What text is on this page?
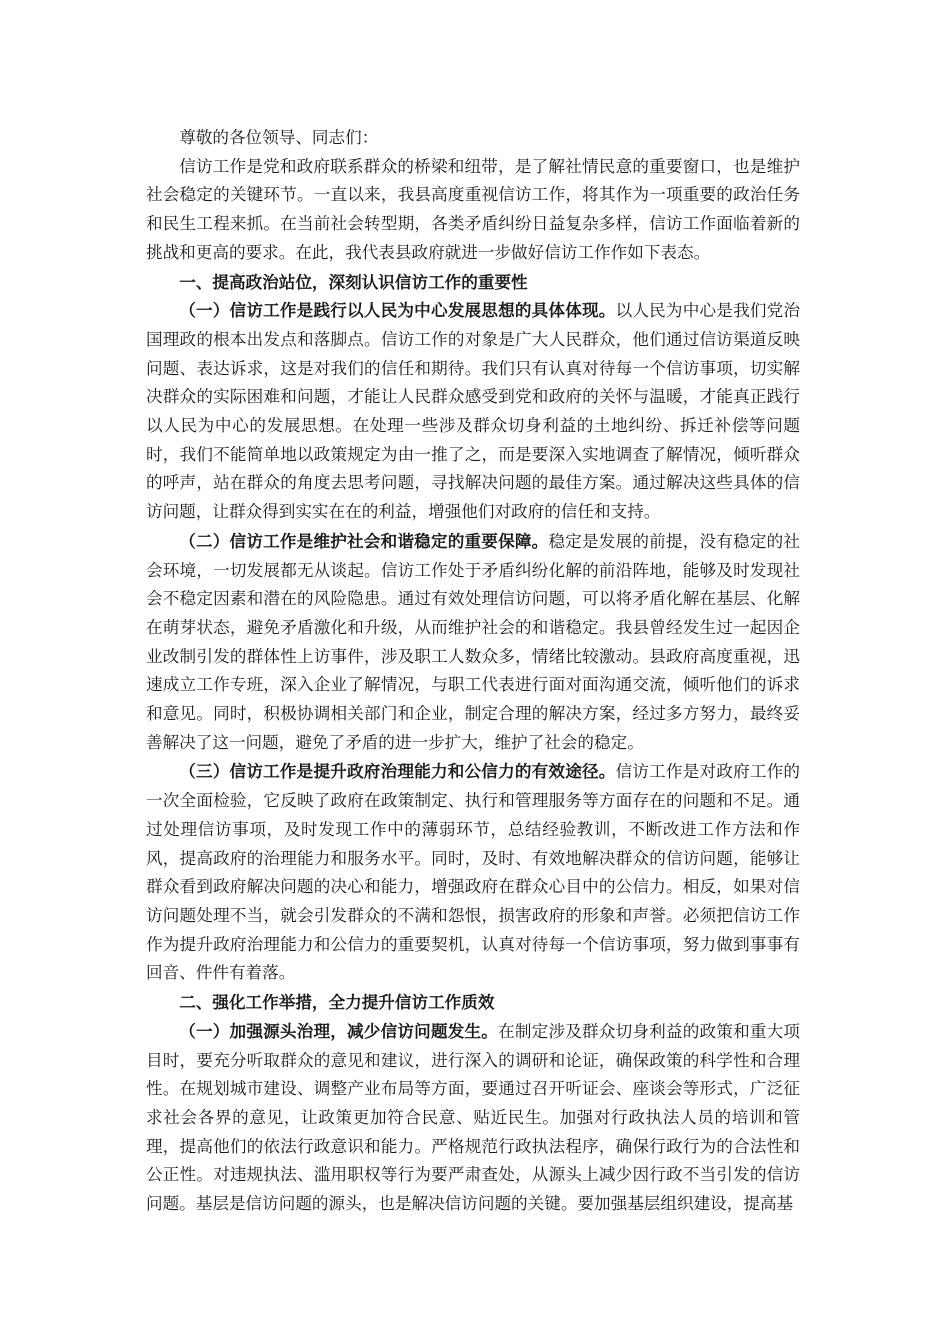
尊敬的各位领导、同志们：

信访工作是党和政府联系群众的桥梁和纽带，是了解社情民意的重要窗口，也是维护社会稳定的关键环节。一直以来，我县高度重视信访工作，将其作为一项重要的政治任务和民生工程来抓。在当前社会转型期，各类矛盾纠纷日益复杂多样，信访工作面临着新的挑战和更高的要求。在此，我代表县政府就进一步做好信访工作作如下表态。

一、提高政治站位，深刻认识信访工作的重要性

（一）信访工作是践行以人民为中心发展思想的具体体现。以人民为中心是我们党治国理政的根本出发点和落脚点。信访工作的对象是广大人民群众，他们通过信访渠道反映问题、表达诉求，这是对我们的信任和期待。我们只有认真对待每一个信访事项，切实解决群众的实际困难和问题，才能让人民群众感受到党和政府的关怀与温暖，才能真正践行以人民为中心的发展思想。在处理一些涉及群众切身利益的土地纠纷、拆迁补偿等问题时，我们不能简单地以政策规定为由一推了之，而是要深入实地调查了解情况，倾听群众的呼声，站在群众的角度去思考问题，寻找解决问题的最佳方案。通过解决这些具体的信访问题，让群众得到实实在在的利益，增强他们对政府的信任和支持。

（二）信访工作是维护社会和谐稳定的重要保障。稳定是发展的前提，没有稳定的社会环境，一切发展都无从谈起。信访工作处于矛盾纠纷化解的前沿阵地，能够及时发现社会不稳定因素和潜在的风险隐患。通过有效处理信访问题，可以将矛盾化解在基层、化解在萌芽状态，避免矛盾激化和升级，从而维护社会的和谐稳定。我县曾经发生过一起因企业改制引发的群体性上访事件，涉及职工人数众多，情绪比较激动。县政府高度重视，迅速成立工作专班，深入企业了解情况，与职工代表进行面对面沟通交流，倾听他们的诉求和意见。同时，积极协调相关部门和企业，制定合理的解决方案，经过多方努力，最终妥善解决了这一问题，避免了矛盾的进一步扩大，维护了社会的稳定。

（三）信访工作是提升政府治理能力和公信力的有效途径。信访工作是对政府工作的一次全面检验，它反映了政府在政策制定、执行和管理服务等方面存在的问题和不足。通过处理信访事项，及时发现工作中的薄弱环节，总结经验教训，不断改进工作方法和作风，提高政府的治理能力和服务水平。同时，及时、有效地解决群众的信访问题，能够让群众看到政府解决问题的决心和能力，增强政府在群众心目中的公信力。相反，如果对信访问题处理不当，就会引发群众的不满和怨恨，损害政府的形象和声誉。必须把信访工作作为提升政府治理能力和公信力的重要契机，认真对待每一个信访事项，努力做到事事有回音、件件有着落。

二、强化工作举措，全力提升信访工作质效

（一）加强源头治理，减少信访问题发生。在制定涉及群众切身利益的政策和重大项目时，要充分听取群众的意见和建议，进行深入的调研和论证，确保政策的科学性和合理性。在规划城市建设、调整产业布局等方面，要通过召开听证会、座谈会等形式，广泛征求社会各界的意见，让政策更加符合民意、贴近民生。加强对行政执法人员的培训和管理，提高他们的依法行政意识和能力。严格规范行政执法程序，确保行政行为的合法性和公正性。对违规执法、滥用职权等行为要严肃查处，从源头上减少因行政不当引发的信访问题。基层是信访问题的源头，也是解决信访问题的关键。要加强基层组织建设，提高基
